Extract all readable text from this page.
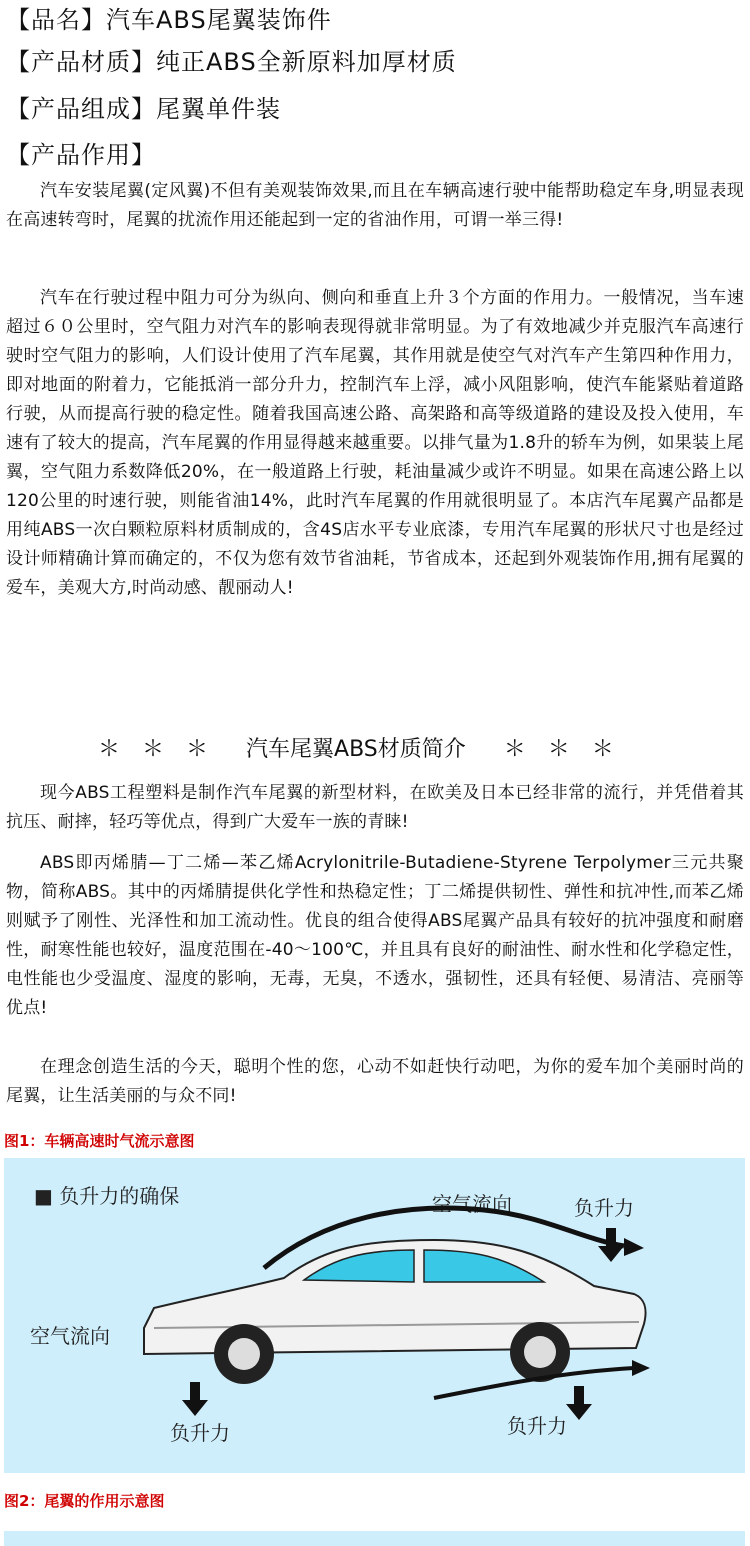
【品名】汽车ABS尾翼装饰件
【产品材质】纯正ABS全新原料加厚材质
【产品组成】尾翼单件装
【产品作用】

汽车安装尾翼(定风翼)不但有美观装饰效果,而且在车辆高速行驶中能帮助稳定车身,明显表现在高速转弯时，尾翼的扰流作用还能起到一定的省油作用，可谓一举三得!

汽车在行驶过程中阻力可分为纵向、侧向和垂直上升３个方面的作用力。一般情况，当车速超过６０公里时，空气阻力对汽车的影响表现得就非常明显。为了有效地减少并克服汽车高速行驶时空气阻力的影响，人们设计使用了汽车尾翼，其作用就是使空气对汽车产生第四种作用力，即对地面的附着力，它能抵消一部分升力，控制汽车上浮，减小风阻影响，使汽车能紧贴着道路行驶，从而提高行驶的稳定性。随着我国高速公路、高架路和高等级道路的建设及投入使用，车速有了较大的提高，汽车尾翼的作用显得越来越重要。以排气量为1.8升的轿车为例，如果装上尾翼，空气阻力系数降低20%，在一般道路上行驶，耗油量减少或许不明显。如果在高速公路上以120公里的时速行驶，则能省油14%，此时汽车尾翼的作用就很明显了。本店汽车尾翼产品都是用纯ABS一次白颗粒原料材质制成的，含4S店水平专业底漆，专用汽车尾翼的形状尺寸也是经过设计师精确计算而确定的，不仅为您有效节省油耗，节省成本，还起到外观装饰作用,拥有尾翼的爱车，美观大方,时尚动感、靓丽动人!

＊　＊　＊ 汽车尾翼ABS材质简介 ＊　＊　＊

现今ABS工程塑料是制作汽车尾翼的新型材料，在欧美及日本已经非常的流行，并凭借着其抗压、耐摔，轻巧等优点，得到广大爱车一族的青睐!

ABS即丙烯腈—丁二烯—苯乙烯Acrylonitrile-Butadiene-Styrene Terpolymer三元共聚物，简称ABS。其中的丙烯腈提供化学性和热稳定性；丁二烯提供韧性、弹性和抗冲性,而苯乙烯则赋予了刚性、光泽性和加工流动性。优良的组合使得ABS尾翼产品具有较好的抗冲强度和耐磨性，耐寒性能也较好，温度范围在-40～100℃，并且具有良好的耐油性、耐水性和化学稳定性，电性能也少受温度、湿度的影响，无毒，无臭，不透水，强韧性，还具有轻便、易清洁、亮丽等优点!

在理念创造生活的今天，聪明个性的您，心动不如赶快行动吧，为你的爱车加个美丽时尚的尾翼，让生活美丽的与众不同!

图1：车辆高速时气流示意图
■ 负升力的确保	空气流向	负升力
空气流向
负升力	负升力
图2：尾翼的作用示意图
